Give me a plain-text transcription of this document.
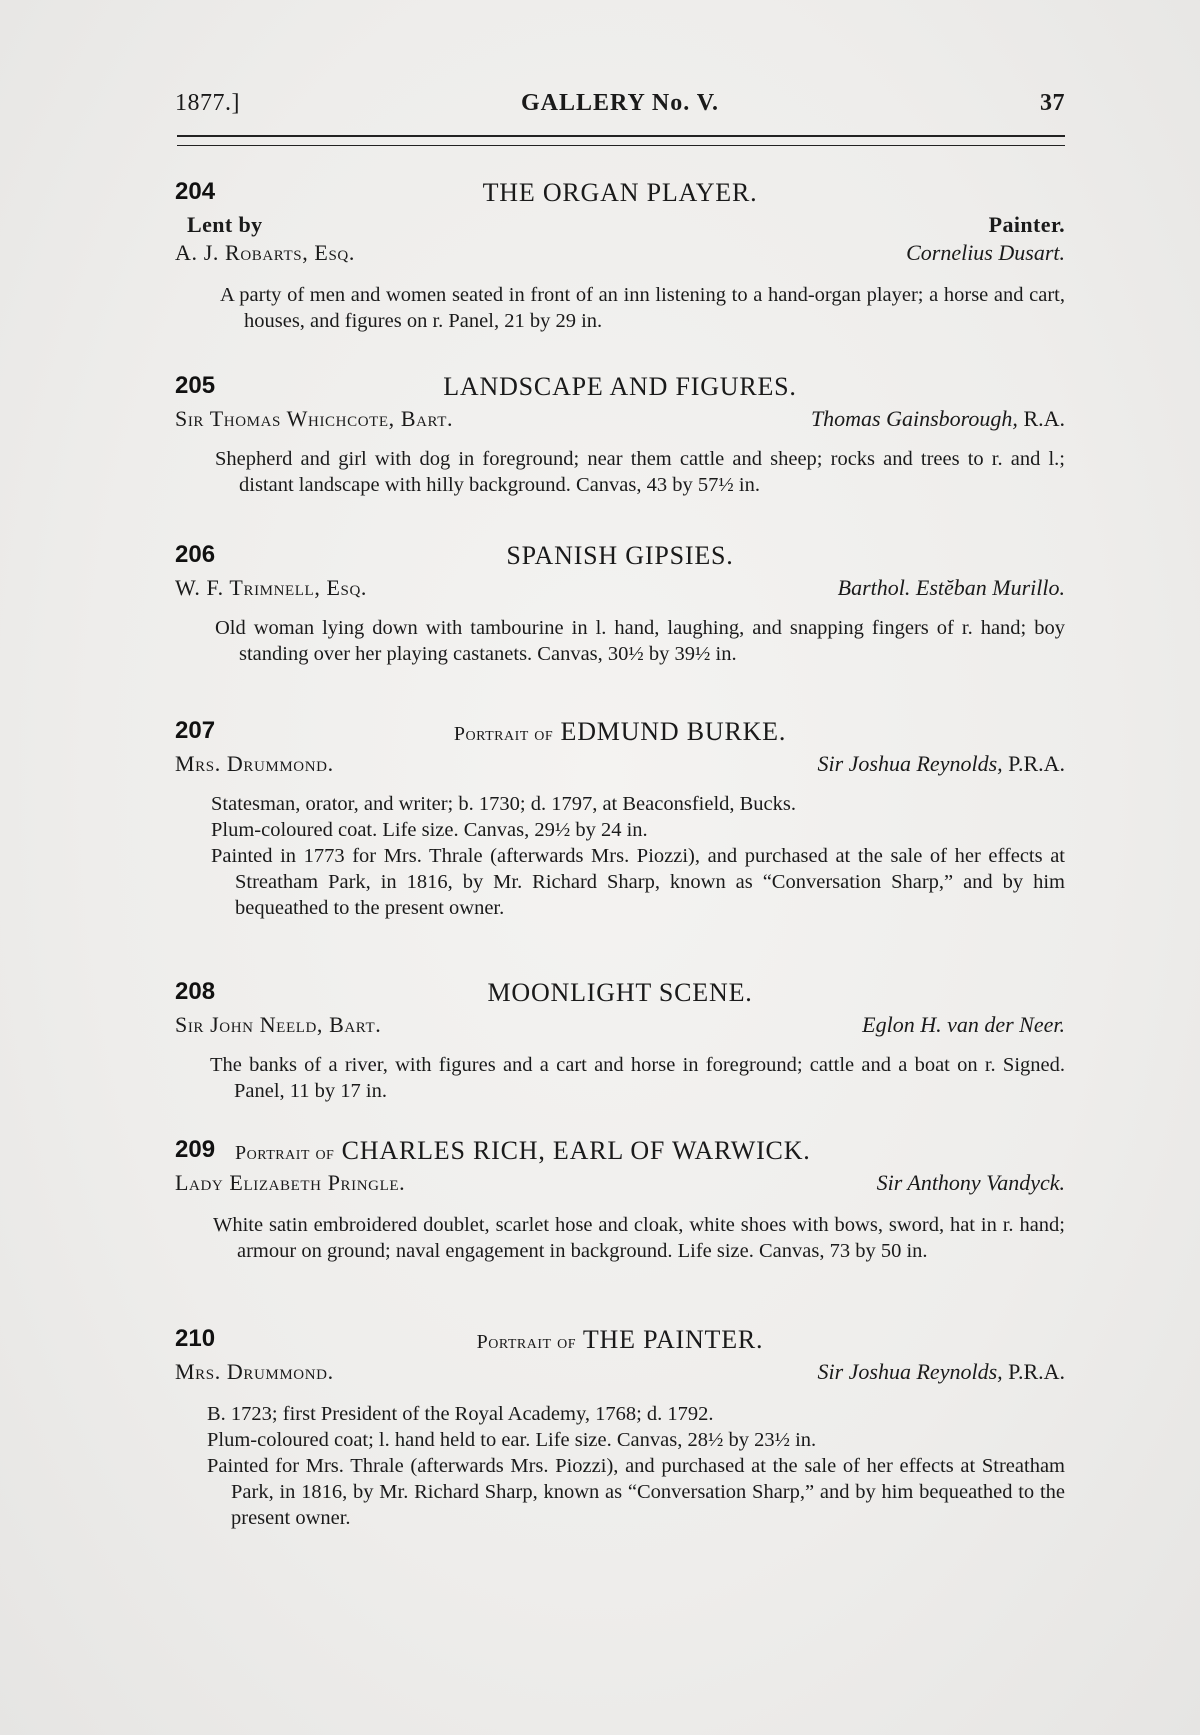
1877.]	GALLERY No. V.	37
204	THE ORGAN PLAYER.
Lent by	Painter.
A. J. Robarts, Esq.	Cornelius Dusart.

A party of men and women seated in front of an inn listening to a hand-organ player; a horse and cart, houses, and figures on r. Panel, 21 by 29 in.

205	LANDSCAPE AND FIGURES.
Sir Thomas Whichcote, Bart.	Thomas Gainsborough, R.A.

Shepherd and girl with dog in foreground; near them cattle and sheep; rocks and trees to r. and l.; distant landscape with hilly background. Canvas, 43 by 57½ in.

206	SPANISH GIPSIES.
W. F. Trimnell, Esq.	Barthol. Estĕban Murillo.

Old woman lying down with tambourine in l. hand, laughing, and snapping fingers of r. hand; boy standing over her playing castanets. Canvas, 30½ by 39½ in.

207	Portrait of EDMUND BURKE.
Mrs. Drummond.	Sir Joshua Reynolds, P.R.A.

Statesman, orator, and writer; b. 1730; d. 1797, at Beaconsfield, Bucks.

Plum-coloured coat. Life size. Canvas, 29½ by 24 in.

Painted in 1773 for Mrs. Thrale (afterwards Mrs. Piozzi), and purchased at the sale of her effects at Streatham Park, in 1816, by Mr. Richard Sharp, known as “Conversation Sharp,” and by him bequeathed to the present owner.

208	MOONLIGHT SCENE.
Sir John Neeld, Bart.	Eglon H. van der Neer.

The banks of a river, with figures and a cart and horse in foreground; cattle and a boat on r. Signed. Panel, 11 by 17 in.

209 Portrait of CHARLES RICH, EARL OF WARWICK.
Lady Elizabeth Pringle.	Sir Anthony Vandyck.

White satin embroidered doublet, scarlet hose and cloak, white shoes with bows, sword, hat in r. hand; armour on ground; naval engagement in background. Life size. Canvas, 73 by 50 in.

210	Portrait of THE PAINTER.
Mrs. Drummond.	Sir Joshua Reynolds, P.R.A.

B. 1723; first President of the Royal Academy, 1768; d. 1792.

Plum-coloured coat; l. hand held to ear. Life size. Canvas, 28½ by 23½ in.

Painted for Mrs. Thrale (afterwards Mrs. Piozzi), and purchased at the sale of her effects at Streatham Park, in 1816, by Mr. Richard Sharp, known as “Conversation Sharp,” and by him bequeathed to the present owner.
